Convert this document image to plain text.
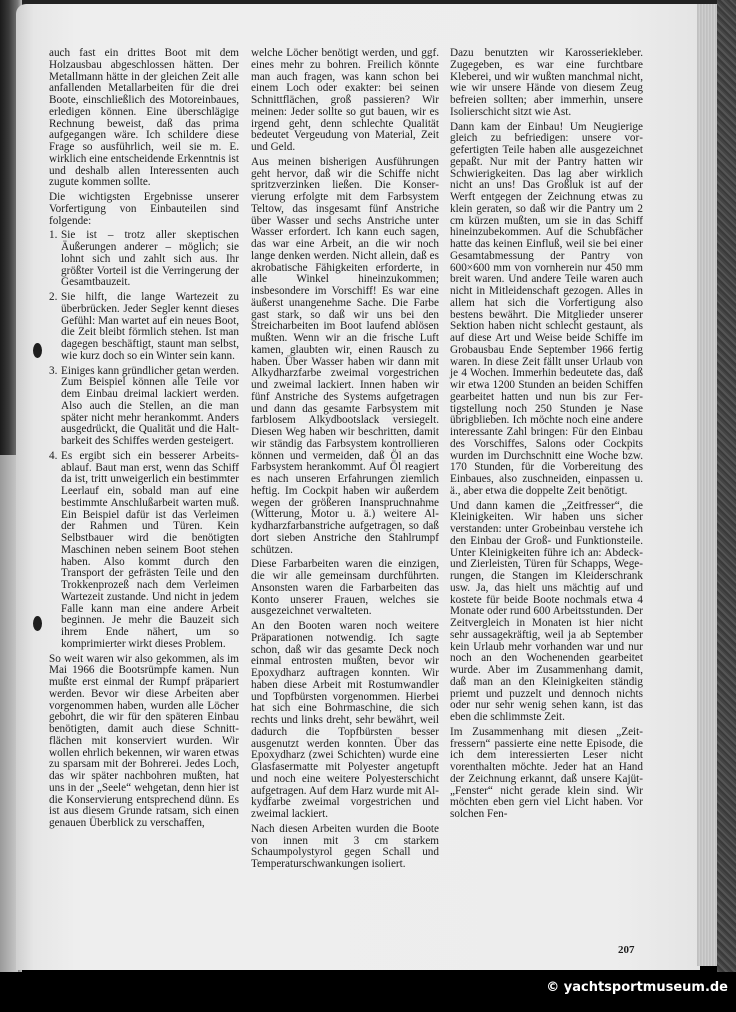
auch fast ein drittes Boot mit dem Holzausbau abgeschlossen hätten. Der Metallmann hätte in der gleichen Zeit alle anfallenden Metallarbeiten für die drei Boote, einschließlich des Motoreinbaues, erledigen können. Eine überschlägige Rechnung beweist, daß das prima aufgegangen wäre. Ich schildere diese Frage so ausführlich, weil sie m. E. wirklich eine entscheidende Erkenntnis ist und deshalb allen Interessenten auch zugute kommen sollte.

Die wichtigsten Ergebnisse unserer Vorfertigung von Einbauteilen sind folgende:

1. Sie ist – trotz aller skeptischen Äußerungen anderer – möglich; sie lohnt sich und zahlt sich aus. Ihr größter Vorteil ist die Verringerung der Gesamtbauzeit.
2. Sie hilft, die lange Wartezeit zu überbrücken. Jeder Segler kennt dieses Gefühl: Man wartet auf ein neues Boot, die Zeit bleibt förmlich stehen. Ist man dagegen beschäftigt, staunt man selbst, wie kurz doch so ein Winter sein kann.
3. Einiges kann gründlicher getan werden. Zum Beispiel können alle Teile vor dem Einbau dreimal lackiert werden. Also auch die Stellen, an die man später nicht mehr herankommt. Anders ausgedrückt, die Qualität und die Haltbarkeit des Schiffes werden gesteigert.
4. Es ergibt sich ein besserer Arbeitsablauf. Baut man erst, wenn das Schiff da ist, tritt unweigerlich ein bestimmter Leerlauf ein, sobald man auf eine bestimmte Anschlußarbeit warten muß. Ein Beispiel dafür ist das Verleimen der Rahmen und Türen. Kein Selbstbauer wird die benötigten Maschinen neben seinem Boot stehen haben. Also kommt durch den Transport der gefrästen Teile und den Trokkenprozeß nach dem Verleimen Wartezeit zustande. Und nicht in jedem Falle kann man eine andere Arbeit beginnen. Je mehr die Bauzeit sich ihrem Ende nähert, um so komprimierter wirkt dieses Problem.

So weit waren wir also gekommen, als im Mai 1966 die Bootsrümpfe kamen. Nun mußte erst einmal der Rumpf präpariert werden. Bevor wir diese Arbeiten aber vorgenommen haben, wurden alle Löcher gebohrt, die wir für den späteren Einbau benötigten, damit auch diese Schnittflächen mit konserviert wurden. Wir wollen ehrlich bekennen, wir waren etwas zu sparsam mit der Bohrerei. Jedes Loch, das wir später nachbohren mußten, hat uns in der „Seele“ wehgetan, denn hier ist die Konservierung entsprechend dünn. Es ist aus diesem Grunde ratsam, sich einen genauen Überblick zu verschaffen,

welche Löcher benötigt werden, und ggf. eines mehr zu bohren. Freilich könnte man auch fragen, was kann schon bei einem Loch oder exakter: bei seinen Schnittflächen, groß passieren? Wir meinen: Jeder sollte so gut bauen, wir es irgend geht, denn schlechte Qualität bedeutet Vergeudung von Material, Zeit und Geld.

Aus meinen bisherigen Ausführungen geht hervor, daß wir die Schiffe nicht spritzverzinken ließen. Die Konservierung erfolgte mit dem Farbsystem Teltow, das insgesamt fünf Anstriche über Wasser und sechs Anstriche unter Wasser erfordert. Ich kann euch sagen, das war eine Arbeit, an die wir noch lange denken werden. Nicht allein, daß es akrobatische Fähigkeiten erforderte, in alle Winkel hineinzukommen; insbesondere im Vorschiff! Es war eine äußerst unangenehme Sache. Die Farbe gast stark, so daß wir uns bei den Streicharbeiten im Boot laufend ablösen mußten. Wenn wir an die frische Luft kamen, glaubten wir, einen Rausch zu haben. Über Wasser haben wir dann mit Alkydharzfarbe zweimal vorgestrichen und zweimal lackiert. Innen haben wir fünf Anstriche des Systems aufgetragen und dann das gesamte Farbsystem mit farblosem Alkydbootslack versiegelt. Diesen Weg haben wir beschritten, damit wir ständig das Farbsystem kontrollieren können und vermeiden, daß Öl an das Farbsystem herankommt. Auf Öl reagiert es nach unseren Erfahrungen ziemlich heftig. Im Cockpit haben wir außerdem wegen der größeren Inanspruchnahme (Witterung, Motor u. ä.) weitere Alkydharzfarbanstriche aufgetragen, so daß dort sieben Anstriche den Stahlrumpf schützen.

Diese Farbarbeiten waren die einzigen, die wir alle gemeinsam durchführten. Ansonsten waren die Farbarbeiten das Konto unserer Frauen, welches sie ausgezeichnet verwalteten.

An den Booten waren noch weitere Präparationen notwendig. Ich sagte schon, daß wir das gesamte Deck noch einmal entrosten mußten, bevor wir Epoxydharz auftragen konnten. Wir haben diese Arbeit mit Rostumwandler und Topfbürsten vorgenommen. Hierbei hat sich eine Bohrmaschine, die sich rechts und links dreht, sehr bewährt, weil dadurch die Topfbürsten besser ausgenutzt werden konnten. Über das Epoxydharz (zwei Schichten) wurde eine Glasfasermatte mit Polyester angetupft und noch eine weitere Polyesterschicht aufgetragen. Auf dem Harz wurde mit Alkydfarbe zweimal vorgestrichen und zweimal lackiert.

Nach diesen Arbeiten wurden die Boote von innen mit 3 cm starkem Schaumpolystyrol gegen Schall und Temperaturschwankungen isoliert.

Dazu benutzten wir Karosseriekleber. Zugegeben, es war eine furchtbare Kleberei, und wir wußten manchmal nicht, wie wir unsere Hände von diesem Zeug befreien sollten; aber immerhin, unsere Isolierschicht sitzt wie Ast.

Dann kam der Einbau! Um Neugierige gleich zu befriedigen: unsere vorgefertigten Teile haben alle ausgezeichnet gepaßt. Nur mit der Pantry hatten wir Schwierigkeiten. Das lag aber wirklich nicht an uns! Das Großluk ist auf der Werft entgegen der Zeichnung etwas zu klein geraten, so daß wir die Pantry um 2 cm kürzen mußten, um sie in das Schiff hineinzubekommen. Auf die Schubfächer hatte das keinen Einfluß, weil sie bei einer Gesamtabmessung der Pantry von 600×600 mm von vornherein nur 450 mm breit waren. Und andere Teile waren auch nicht in Mitleidenschaft gezogen. Alles in allem hat sich die Vorfertigung also bestens bewährt. Die Mitglieder unserer Sektion haben nicht schlecht gestaunt, als auf diese Art und Weise beide Schiffe im Grobausbau Ende September 1966 fertig waren. In diese Zeit fällt unser Urlaub von je 4 Wochen. Immerhin bedeutete das, daß wir etwa 1200 Stunden an beiden Schiffen gearbeitet hatten und nun bis zur Fertigstellung noch 250 Stunden je Nase übrigblieben. Ich möchte noch eine andere interessante Zahl bringen: Für den Einbau des Vorschiffes, Salons oder Cockpits wurden im Durchschnitt eine Woche bzw. 170 Stunden, für die Vorbereitung des Einbaues, also zuschneiden, einpassen u. ä., aber etwa die doppelte Zeit benötigt.

Und dann kamen die „Zeitfresser“, die Kleinigkeiten. Wir haben uns sicher verstanden: unter Grobeinbau verstehe ich den Einbau der Groß- und Funktionsteile. Unter Kleinigkeiten führe ich an: Abdeck- und Zierleisten, Türen für Schapps, Wegerungen, die Stangen im Kleiderschrank usw. Ja, das hielt uns mächtig auf und kostete für beide Boote nochmals etwa 4 Monate oder rund 600 Arbeitsstunden. Der Zeitvergleich in Monaten ist hier nicht sehr aussagekräftig, weil ja ab September kein Urlaub mehr vorhanden war und nur noch an den Wochenenden gearbeitet wurde. Aber im Zusammenhang damit, daß man an den Kleinigkeiten ständig priemt und puzzelt und dennoch nichts oder nur sehr wenig sehen kann, ist das eben die schlimmste Zeit.

Im Zusammenhang mit diesen „Zeitfressern“ passierte eine nette Episode, die ich dem interessierten Leser nicht vorenthalten möchte. Jeder hat an Hand der Zeichnung erkannt, daß unsere Kajüt-„Fenster“ nicht gerade klein sind. Wir möchten eben gern viel Licht haben. Vor solchen Fen-

207
© yachtsportmuseum.de
